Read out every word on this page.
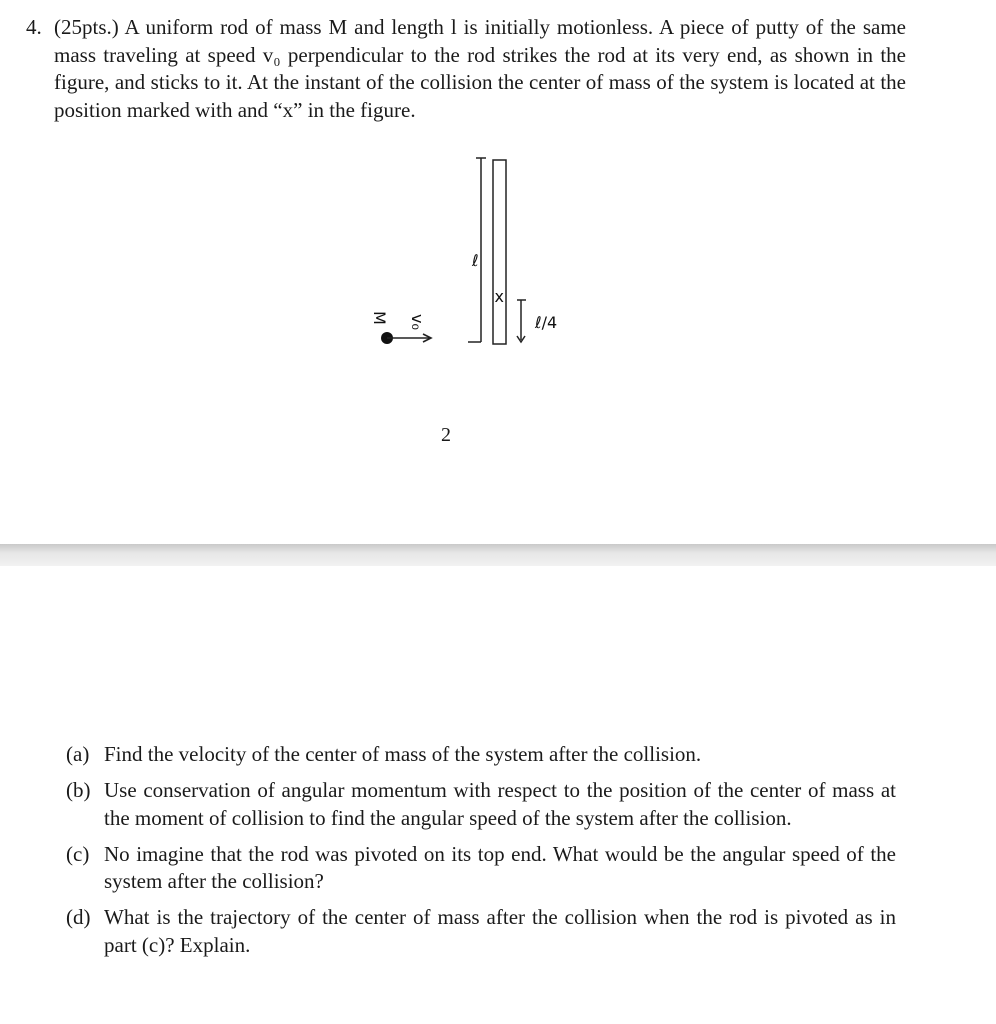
4. (25pts.) A uniform rod of mass M and length l is initially motionless. A piece of putty of the same mass traveling at speed v₀ perpendicular to the rod strikes the rod at its very end, as shown in the figure, and sticks to it. At the instant of the collision the center of mass of the system is located at the position marked with and “x” in the figure.

ℓ
x
ℓ/4
M v₀
2
(a) Find the velocity of the center of mass of the system after the collision.
(b) Use conservation of angular momentum with respect to the position of the center of mass at the moment of collision to find the angular speed of the system after the collision.
(c) No imagine that the rod was pivoted on its top end. What would be the angular speed of the system after the collision?
(d) What is the trajectory of the center of mass after the collision when the rod is pivoted as in part (c)? Explain.
